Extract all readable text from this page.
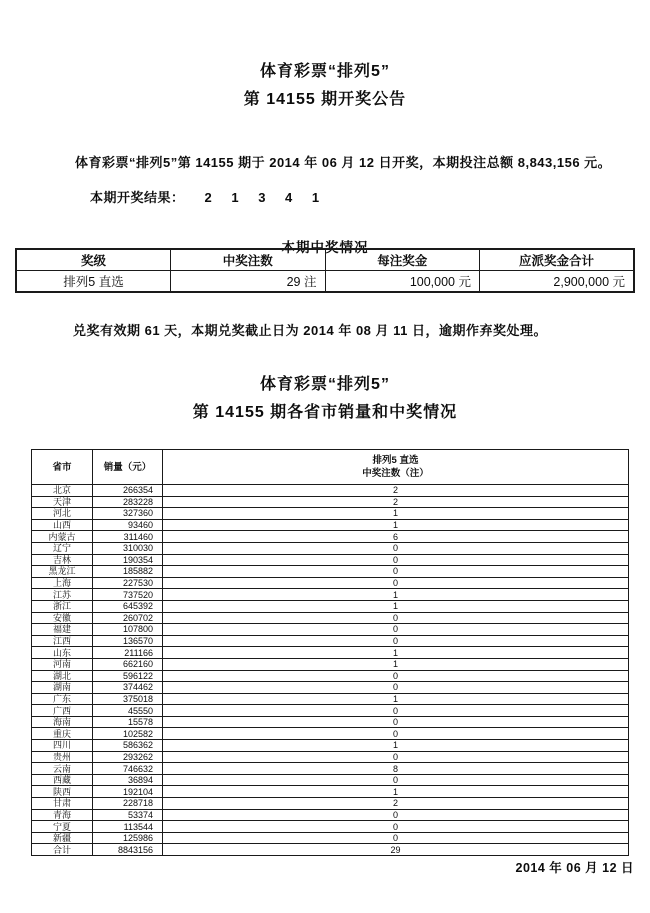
体育彩票“排列5”
第 14155 期开奖公告

体育彩票“排列5”第 14155 期于 2014 年 06 月 12 日开奖，本期投注总额 8,843,156 元。

本期开奖结果： 2 1 3 4 1

本期中奖情况
奖级	中奖注数	每注奖金	应派奖金合计
排列5 直选	29 注	100,000 元	2,900,000 元

兑奖有效期 61 天，本期兑奖截止日为 2014 年 08 月 11 日，逾期作弃奖处理。

体育彩票“排列5”
第 14155 期各省市销量和中奖情况
省市	销量（元）	排列5 直选
中奖注数（注）

北京	266354	2
天津	283228	2
河北	327360	1
山西	93460	1
内蒙古	311460	6
辽宁	310030	0
吉林	190354	0
黑龙江	185882	0
上海	227530	0
江苏	737520	1
浙江	645392	1
安徽	260702	0
福建	107800	0
江西	136570	0
山东	211166	1
河南	662160	1
湖北	596122	0
湖南	374462	0
广东	375018	1
广西	45550	0
海南	15578	0
重庆	102582	0
四川	586362	1
贵州	293262	0
云南	746632	8
西藏	36894	0
陕西	192104	1
甘肃	228718	2
青海	53374	0
宁夏	113544	0
新疆	125986	0
合计	8843156	29
2014 年 06 月 12 日
